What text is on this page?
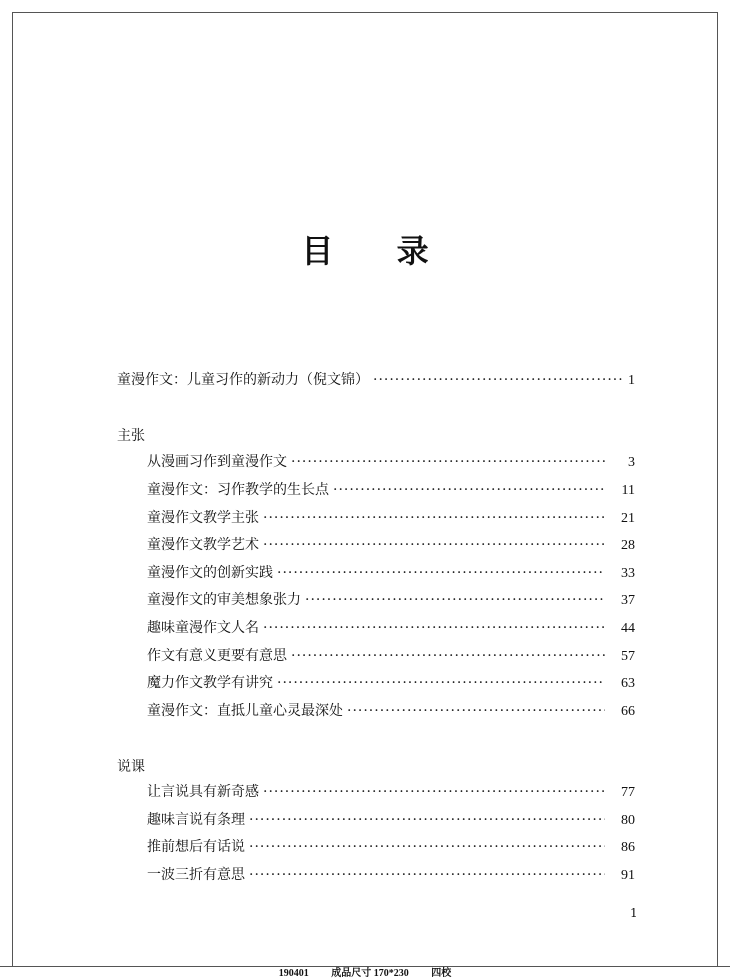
目 录
童漫作文：儿童习作的新动力（倪文锦） ·····	1
主张
从漫画习作到童漫作文 ·····	3
童漫作文：习作教学的生长点 ·····	11
童漫作文教学主张 ·····	21
童漫作文教学艺术 ·····	28
童漫作文的创新实践 ·····	33
童漫作文的审美想象张力 ·····	37
趣味童漫作文人名 ·····	44
作文有意义更要有意思 ·····	57
魔力作文教学有讲究 ·····	63
童漫作文：直抵儿童心灵最深处 ·····	66
说课
让言说具有新奇感 ·····	77
趣味言说有条理 ·····	80
推前想后有话说 ·····	86
一波三折有意思 ·····	91
1
190401 成品尺寸 170*230 四校
